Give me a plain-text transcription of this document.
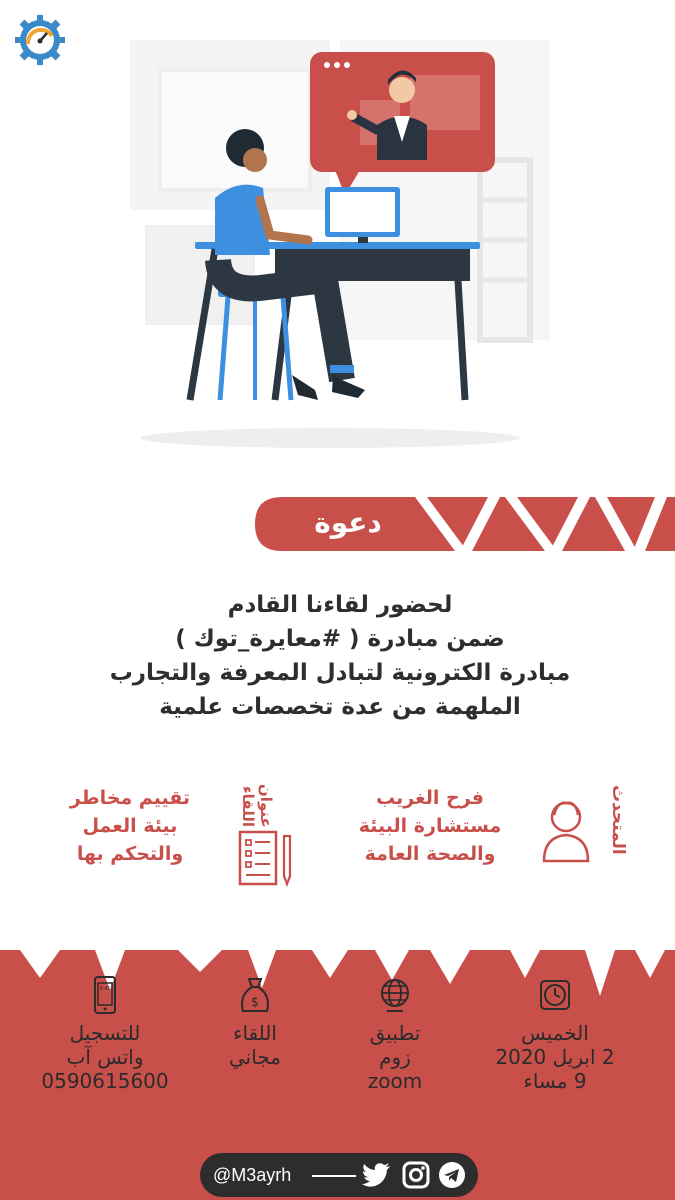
دعوة
لحضور لقاءنا القادم
ضمن مبادرة ( #معايرة_توك )
مبادرة الكترونية لتبادل المعرفة والتجارب
الملهمة من عدة تخصصات علمية
المتحدث
فرح الغريب
مستشارة البيئة
والصحة العامة
عنوان اللقاء
تقييم مخاطر
بيئة العمل
والتحكم بها
الخميس
2 ابريل 2020
9 مساء
تطبيق
زوم
zoom
$
اللقاء
مجاني
9:41
للتسجيل
واتس آب
0590615600
@M3ayrh
